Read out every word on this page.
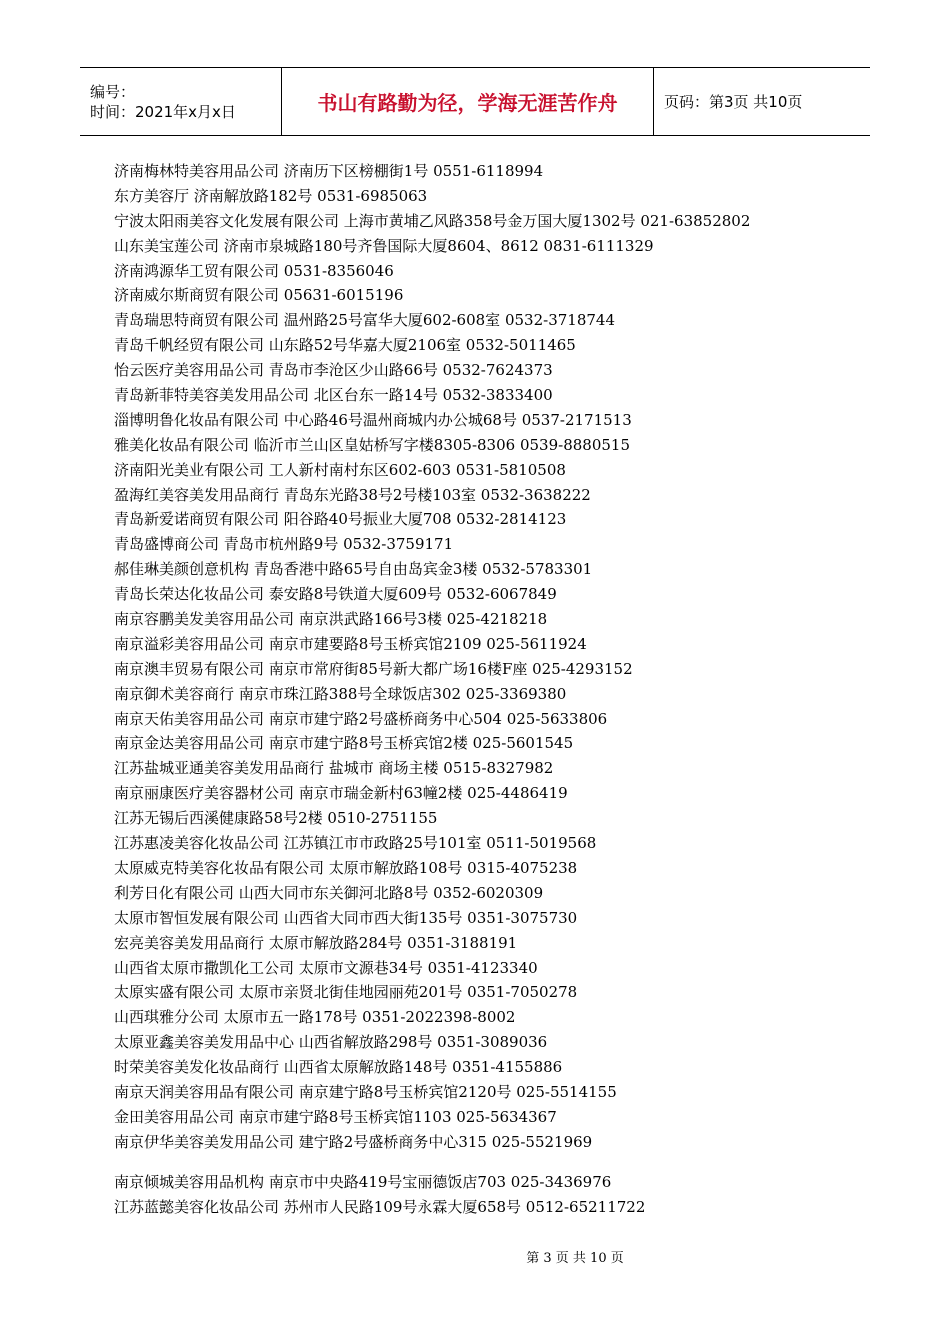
编号：
时间：2021年x月x日	书山有路勤为径，学海无涯苦作舟	页码：第3页 共10页
济南梅林特美容用品公司 济南历下区榜棚街1号 0551-6118994
东方美容厅 济南解放路182号 0531-6985063
宁波太阳雨美容文化发展有限公司 上海市黄埔乙风路358号金万国大厦1302号 021-63852802
山东美宝莲公司 济南市泉城路180号齐鲁国际大厦8604、8612 0831-6111329
济南鸿源华工贸有限公司 0531-8356046
济南威尔斯商贸有限公司 05631-6015196
青岛瑞思特商贸有限公司 温州路25号富华大厦602-608室 0532-3718744
青岛千帆经贸有限公司 山东路52号华嘉大厦2106室 0532-5011465
怡云医疗美容用品公司 青岛市李沧区少山路66号 0532-7624373
青岛新菲特美容美发用品公司 北区台东一路14号 0532-3833400
淄博明鲁化妆品有限公司 中心路46号温州商城内办公城68号 0537-2171513
雅美化妆品有限公司 临沂市兰山区皇姑桥写字楼8305-8306 0539-8880515
济南阳光美业有限公司 工人新村南村东区602-603 0531-5810508
盈海红美容美发用品商行 青岛东光路38号2号楼103室 0532-3638222
青岛新爱诺商贸有限公司 阳谷路40号振业大厦708 0532-2814123
青岛盛博商公司 青岛市杭州路9号 0532-3759171
郝佳琳美颜创意机构 青岛香港中路65号自由岛宾金3楼 0532-5783301
青岛长荣达化妆品公司 泰安路8号铁道大厦609号 0532-6067849
南京容鹏美发美容用品公司 南京洪武路166号3楼 025-4218218
南京溢彩美容用品公司 南京市建要路8号玉桥宾馆2109 025-5611924
南京澳丰贸易有限公司 南京市常府街85号新大都广场16楼F座 025-4293152
南京御术美容商行 南京市珠江路388号全球饭店302 025-3369380
南京天佑美容用品公司 南京市建宁路2号盛桥商务中心504 025-5633806
南京金达美容用品公司 南京市建宁路8号玉桥宾馆2楼 025-5601545
江苏盐城亚通美容美发用品商行 盐城市 商场主楼 0515-8327982
南京丽康医疗美容器材公司 南京市瑞金新村63幢2楼 025-4486419
江苏无锡后西溪健康路58号2楼 0510-2751155
江苏惠凌美容化妆品公司 江苏镇江市市政路25号101室 0511-5019568
太原威克特美容化妆品有限公司 太原市解放路108号 0315-4075238
利芳日化有限公司 山西大同市东关御河北路8号 0352-6020309
太原市智恒发展有限公司 山西省大同市西大街135号 0351-3075730
宏亮美容美发用品商行 太原市解放路284号 0351-3188191
山西省太原市撒凯化工公司 太原市文源巷34号 0351-4123340
太原实盛有限公司 太原市亲贤北街佳地园丽苑201号 0351-7050278
山西琪雅分公司 太原市五一路178号 0351-2022398-8002
太原亚鑫美容美发用品中心 山西省解放路298号 0351-3089036
时荣美容美发化妆品商行 山西省太原解放路148号 0351-4155886
南京天润美容用品有限公司 南京建宁路8号玉桥宾馆2120号 025-5514155
金田美容用品公司 南京市建宁路8号玉桥宾馆1103 025-5634367
南京伊华美容美发用品公司 建宁路2号盛桥商务中心315 025-5521969
南京倾城美容用品机构 南京市中央路419号宝丽德饭店703 025-3436976
江苏蓝懿美容化妆品公司 苏州市人民路109号永霖大厦658号 0512-65211722
第 3 页 共 10 页
